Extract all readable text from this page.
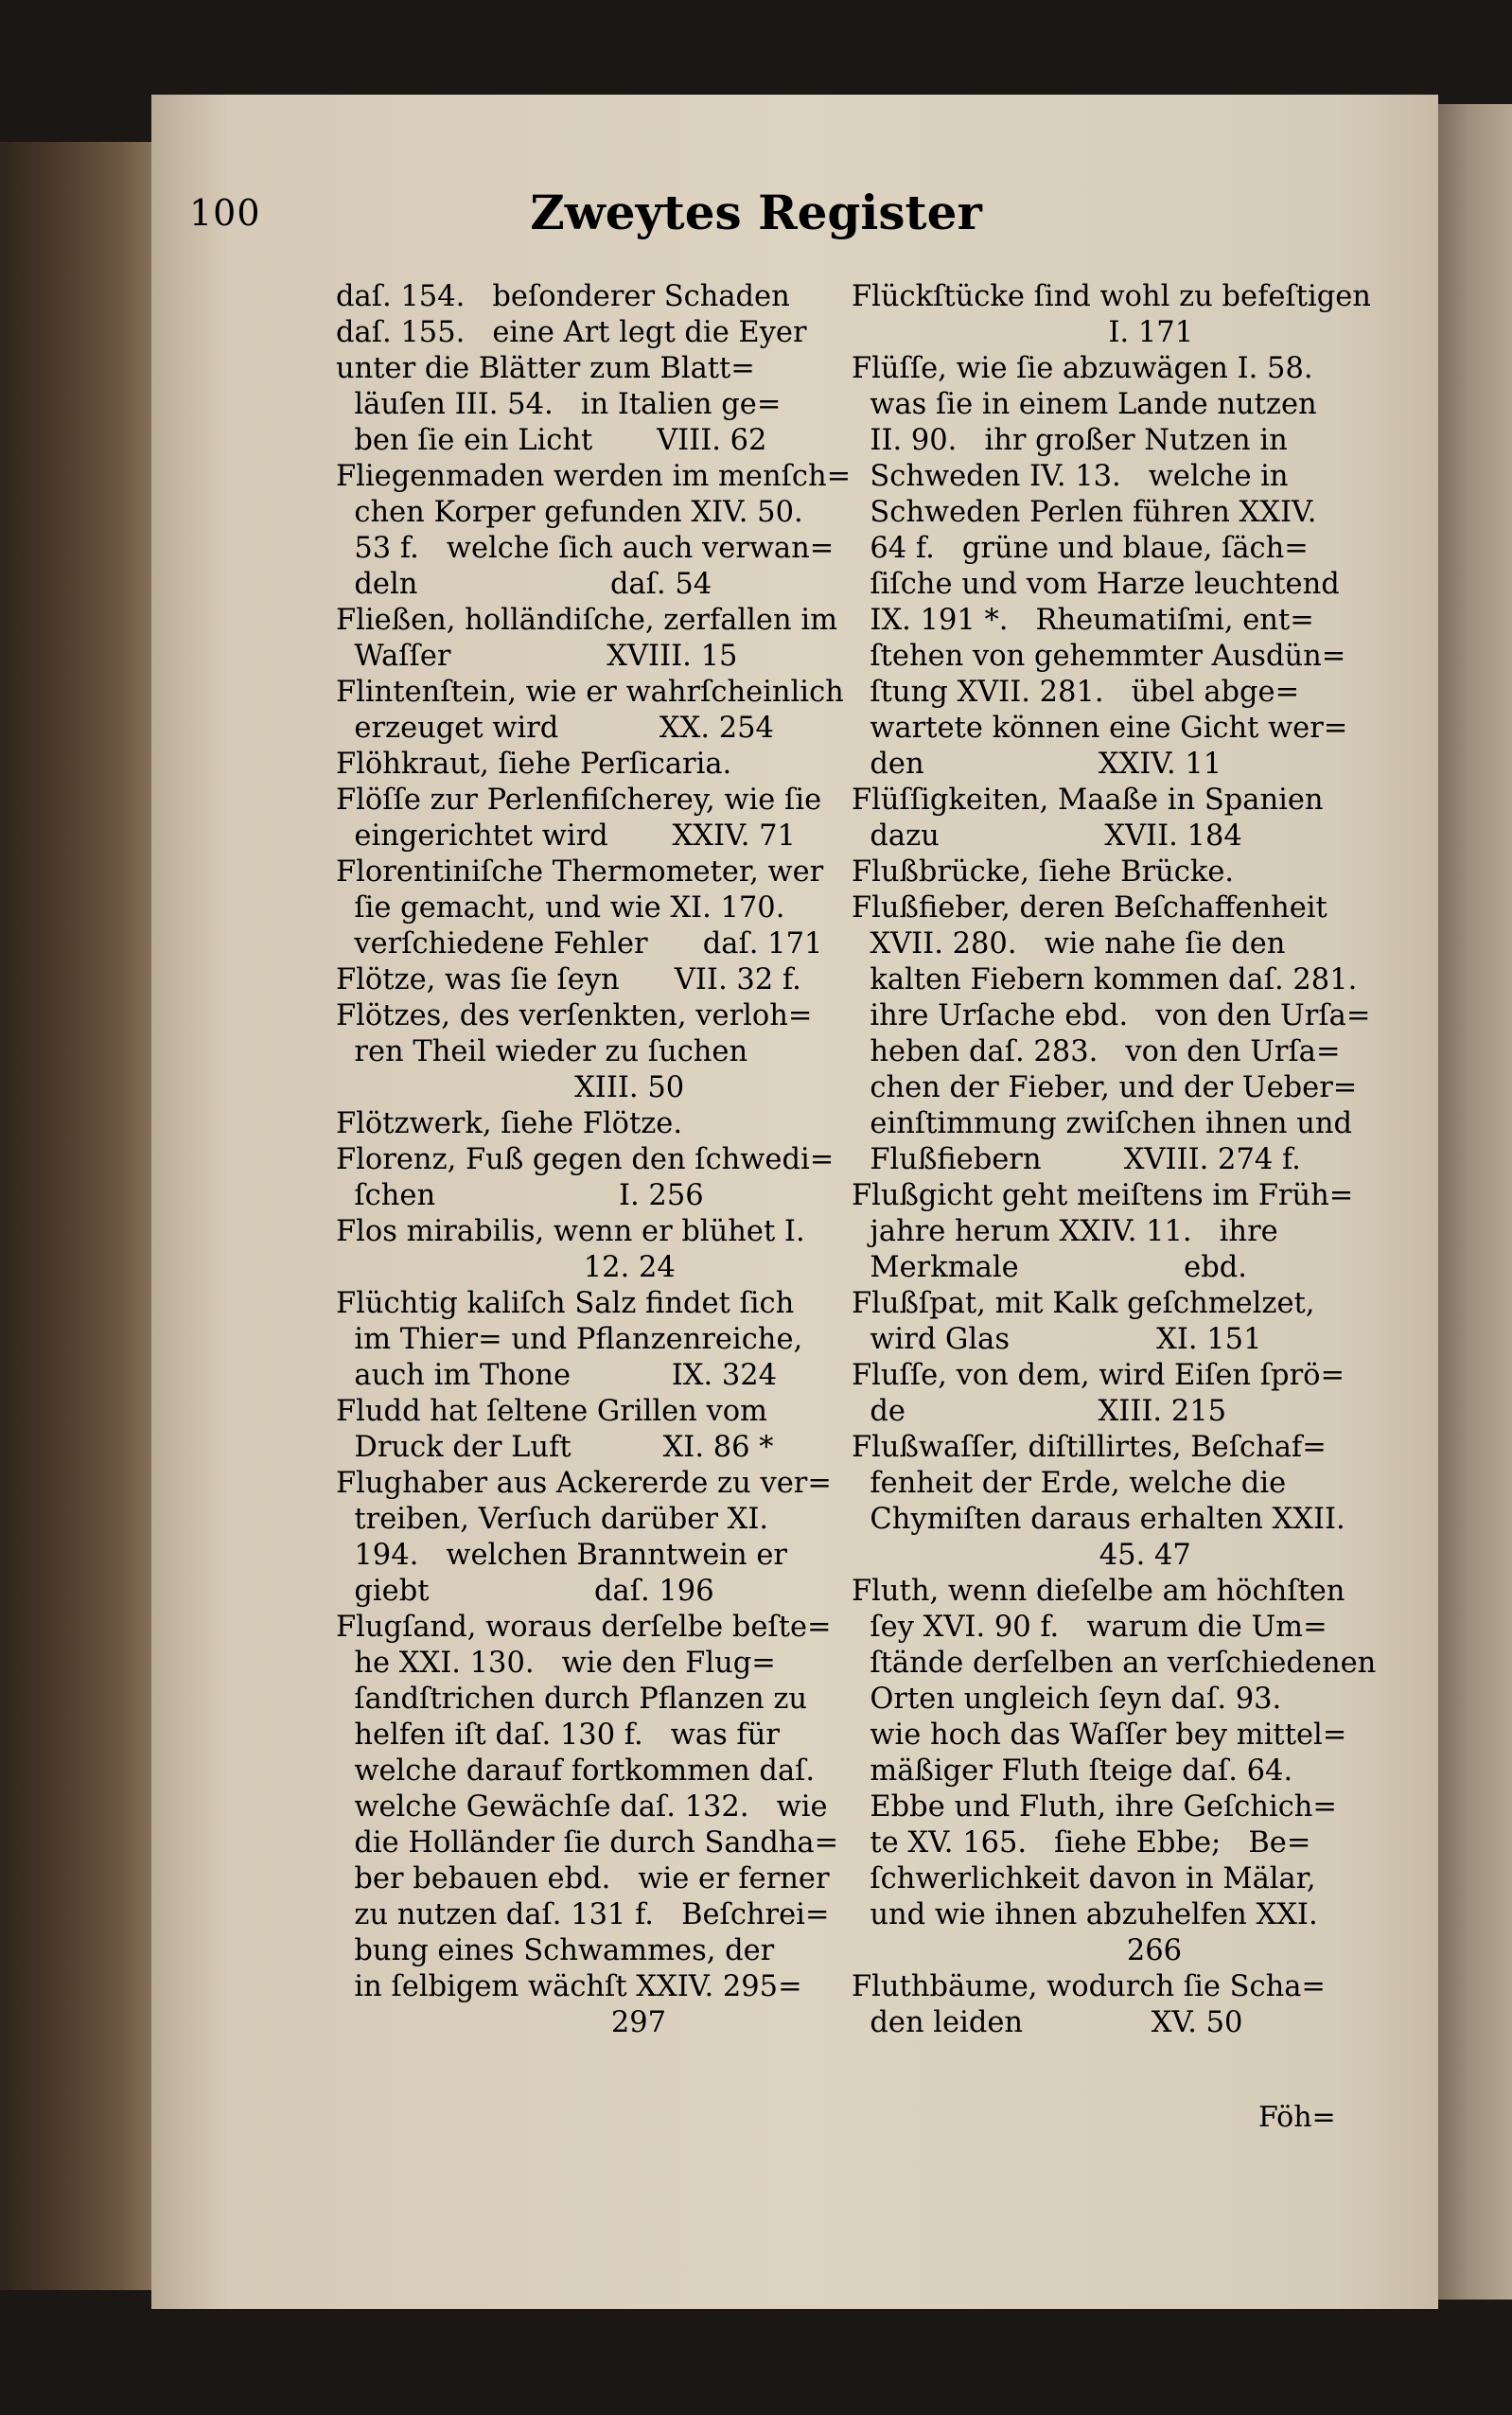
100	Zweytes Register
daſ. 154.   beſonderer Schaden
daſ. 155.   eine Art legt die Eyer
unter die Blätter zum Blatt=
läuſen III. 54.   in Italien ge=
ben ſie ein Licht       VIII. 62
Fliegenmaden werden im menſch=
chen Korper gefunden XIV. 50.
53 f.   welche ſich auch verwan=
deln                     daſ. 54
Fließen, holländiſche, zerfallen im
Waſſer                 XVIII. 15
Flintenſtein, wie er wahrſcheinlich
erzeuget wird           XX. 254
Flöhkraut, ſiehe Perſicaria.
Flöſſe zur Perlenfiſcherey, wie ſie
eingerichtet wird       XXIV. 71
Florentiniſche Thermometer, wer
ſie gemacht, und wie XI. 170.
verſchiedene Fehler      daſ. 171
Flötze, was ſie ſeyn      VII. 32 f.
Flötzes, des verſenkten, verloh=
ren Theil wieder zu ſuchen
XIII. 50
Flötzwerk, ſiehe Flötze.
Florenz, Fuß gegen den ſchwedi=
ſchen                    I. 256
Flos mirabilis, wenn er blühet I.
12. 24
Flüchtig kaliſch Salz findet ſich
im Thier= und Pflanzenreiche,
auch im Thone           IX. 324
Fludd hat ſeltene Grillen vom
Druck der Luft          XI. 86 *
Flughaber aus Ackererde zu ver=
treiben, Verſuch darüber XI.
194.   welchen Branntwein er
giebt                  daſ. 196
Flugſand, woraus derſelbe beſte=
he XXI. 130.   wie den Flug=
ſandſtrichen durch Pflanzen zu
helfen iſt daſ. 130 f.   was für
welche darauf fortkommen daſ.
welche Gewächſe daſ. 132.   wie
die Holländer ſie durch Sandha=
ber bebauen ebd.   wie er ferner
zu nutzen daſ. 131 f.   Beſchrei=
bung eines Schwammes, der
in ſelbigem wächſt XXIV. 295=
297
Flückſtücke ſind wohl zu befeſtigen
I. 171
Flüſſe, wie ſie abzuwägen I. 58.
was ſie in einem Lande nutzen
II. 90.   ihr großer Nutzen in
Schweden IV. 13.   welche in
Schweden Perlen führen XXIV.
64 f.   grüne und blaue, ſäch=
ſiſche und vom Harze leuchtend
IX. 191 *.   Rheumatiſmi, ent=
ſtehen von gehemmter Ausdün=
ſtung XVII. 281.   übel abge=
wartete können eine Gicht wer=
den                   XXIV. 11
Flüſſigkeiten, Maaße in Spanien
dazu                  XVII. 184
Flußbrücke, ſiehe Brücke.
Flußfieber, deren Beſchaffenheit
XVII. 280.   wie nahe ſie den
kalten Fiebern kommen daſ. 281.
ihre Urſache ebd.   von den Urſa=
heben daſ. 283.   von den Urſa=
chen der Fieber, und der Ueber=
einſtimmung zwiſchen ihnen und
Flußfiebern         XVIII. 274 f.
Flußgicht geht meiſtens im Früh=
jahre herum XXIV. 11.   ihre
Merkmale                  ebd.
Flußſpat, mit Kalk geſchmelzet,
wird Glas                XI. 151
Fluſſe, von dem, wird Eiſen ſprö=
de                     XIII. 215
Flußwaſſer, diſtillirtes, Beſchaf=
fenheit der Erde, welche die
Chymiſten daraus erhalten XXII.
45. 47
Fluth, wenn dieſelbe am höchſten
ſey XVI. 90 f.   warum die Um=
ſtände derſelben an verſchiedenen
Orten ungleich ſeyn daſ. 93.
wie hoch das Waſſer bey mittel=
mäßiger Fluth ſteige daſ. 64.
Ebbe und Fluth, ihre Geſchich=
te XV. 165.   ſiehe Ebbe;   Be=
ſchwerlichkeit davon in Mälar,
und wie ihnen abzuhelfen XXI.
266
Fluthbäume, wodurch ſie Scha=
den leiden              XV. 50
Föh=
